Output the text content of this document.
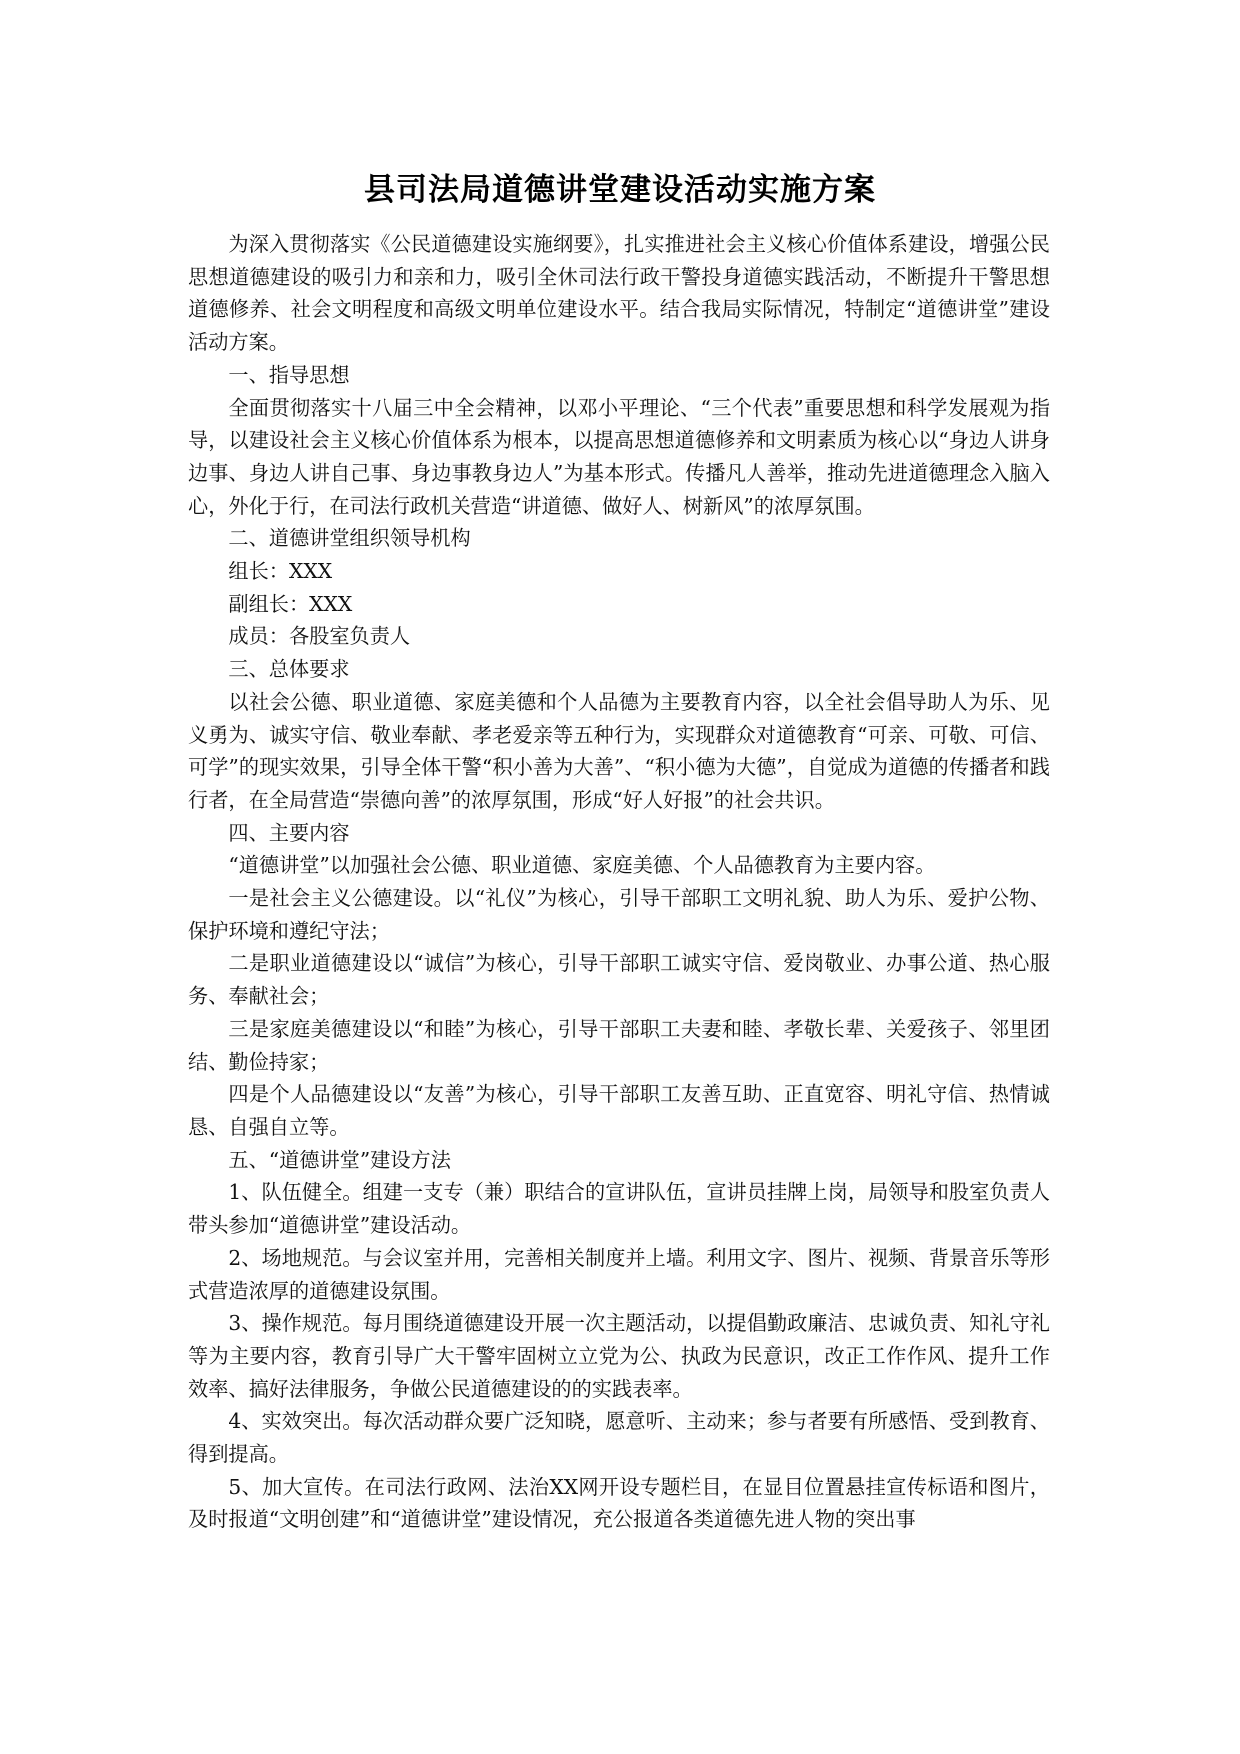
县司法局道德讲堂建设活动实施方案

为深入贯彻落实《公民道德建设实施纲要》，扎实推进社会主义核心价值体系建设，增强公民思想道德建设的吸引力和亲和力，吸引全休司法行政干警投身道德实践活动，不断提升干警思想道德修养、社会文明程度和高级文明单位建设水平。结合我局实际情况，特制定“道德讲堂”建设活动方案。

一、指导思想

全面贯彻落实十八届三中全会精神，以邓小平理论、“三个代表”重要思想和科学发展观为指导，以建设社会主义核心价值体系为根本，以提高思想道德修养和文明素质为核心以“身边人讲身边事、身边人讲自己事、身边事教身边人”为基本形式。传播凡人善举，推动先进道德理念入脑入心，外化于行，在司法行政机关营造“讲道德、做好人、树新风”的浓厚氛围。

二、道德讲堂组织领导机构

组长：XXX

副组长：XXX

成员：各股室负责人

三、总体要求

以社会公德、职业道德、家庭美德和个人品德为主要教育内容，以全社会倡导助人为乐、见义勇为、诚实守信、敬业奉献、孝老爱亲等五种行为，实现群众对道德教育“可亲、可敬、可信、可学”的现实效果，引导全体干警“积小善为大善”、“积小德为大德”，自觉成为道德的传播者和践行者，在全局营造“崇德向善”的浓厚氛围，形成“好人好报”的社会共识。

四、主要内容

“道德讲堂”以加强社会公德、职业道德、家庭美德、个人品德教育为主要内容。

一是社会主义公德建设。以“礼仪”为核心，引导干部职工文明礼貌、助人为乐、爱护公物、保护环境和遵纪守法；

二是职业道德建设以“诚信”为核心，引导干部职工诚实守信、爱岗敬业、办事公道、热心服务、奉献社会；

三是家庭美德建设以“和睦”为核心，引导干部职工夫妻和睦、孝敬长辈、关爱孩子、邻里团结、勤俭持家；

四是个人品德建设以“友善”为核心，引导干部职工友善互助、正直宽容、明礼守信、热情诚恳、自强自立等。

五、“道德讲堂”建设方法

1、队伍健全。组建一支专（兼）职结合的宣讲队伍，宣讲员挂牌上岗，局领导和股室负责人带头参加“道德讲堂”建设活动。

2、场地规范。与会议室并用，完善相关制度并上墙。利用文字、图片、视频、背景音乐等形式营造浓厚的道德建设氛围。

3、操作规范。每月围绕道德建设开展一次主题活动，以提倡勤政廉洁、忠诚负责、知礼守礼等为主要内容，教育引导广大干警牢固树立立党为公、执政为民意识，改正工作作风、提升工作效率、搞好法律服务，争做公民道德建设的的实践表率。

4、实效突出。每次活动群众要广泛知晓，愿意听、主动来；参与者要有所感悟、受到教育、得到提高。

5、加大宣传。在司法行政网、法治XX网开设专题栏目，在显目位置悬挂宣传标语和图片，及时报道“文明创建”和“道德讲堂”建设情况，充公报道各类道德先进人物的突出事
